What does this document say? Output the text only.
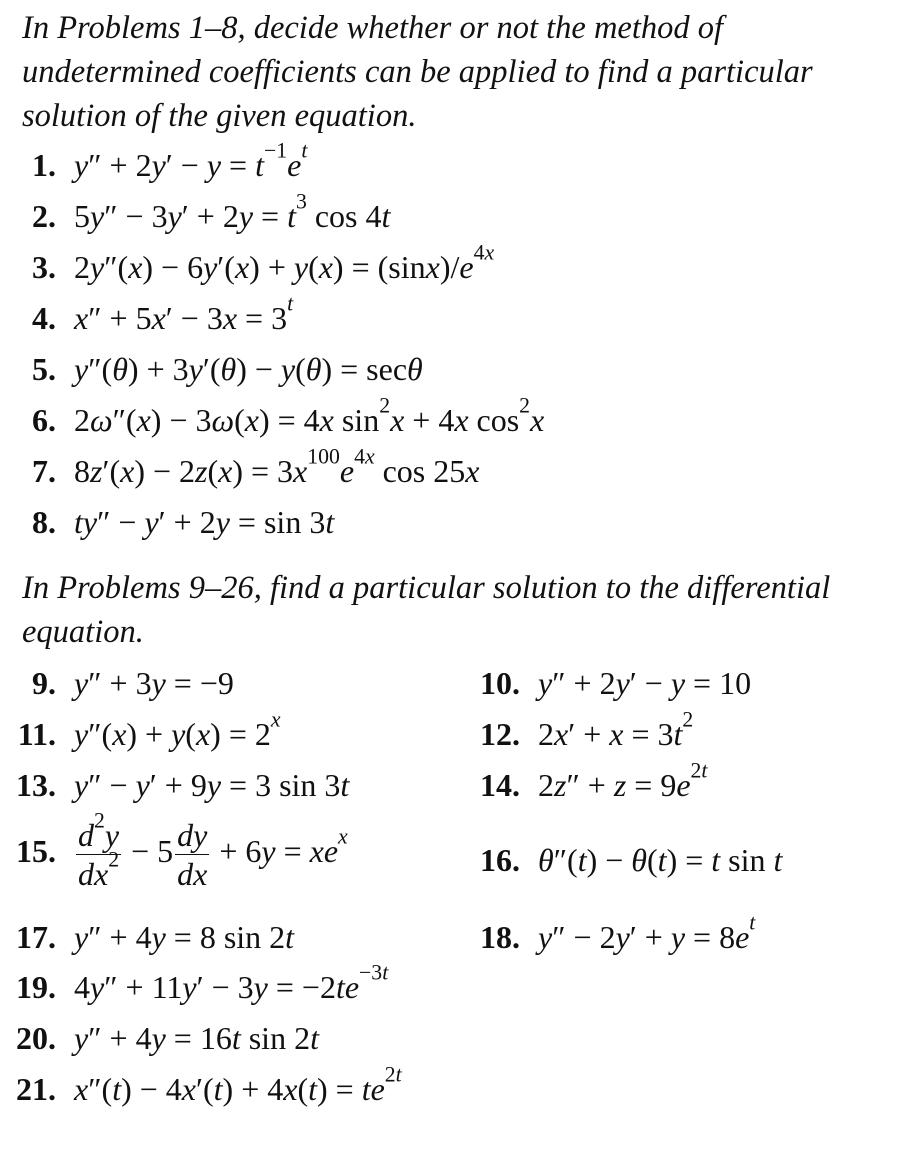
In Problems 1–8, decide whether or not the method of undetermined coefficients can be applied to find a particular solution of the given equation.

1. $y'' + 2y' - y = t^{-1}e^t$
2. $5y'' - 3y' + 2y = t^3$ cos 4t
3. $2y''(x) - 6y'(x) + y(x) = (\sin x)/e^{4x}$
4. $x'' + 5x' - 3x = 3^t$
5. y″(θ) + 3y′(θ) − y(θ) = secθ
6. 2ω″(x) − 3ω(x) = 4x $\sin^2x + 4x$ $\cos^2x$
7. $8z'(x) - 2z(x) = 3x^{100}e^{4x}$ cos 25x
8. ty″ − y′ + 2y = sin 3t

In Problems 9–26, find a particular solution to the differential equation.

9. y″ + 3y = −9
11. $y''(x) + y(x) = 2^x$
13. y″ − y′ + 9y = 3 sin 3t
15. $\frac{d^2y}{dx^2} - 5 \frac{dy}{dx} + 6y = xe^x$
17. y″ + 4y = 8 sin 2t
19. $4y'' + 11y' - 3y = -2te^{-3t}$
20. y″ + 4y = 16t sin 2t
21. $x''(t) - 4x'(t) + 4x(t) = te^{2t}$
10. y″ + 2y′ − y = 10
12. $2x' + x = 3t^2$
14. $2z'' + z = 9e^{2t}$
16. θ″(t) − θ(t) = t sin t
18. $y'' - 2y' + y = 8e^t$
